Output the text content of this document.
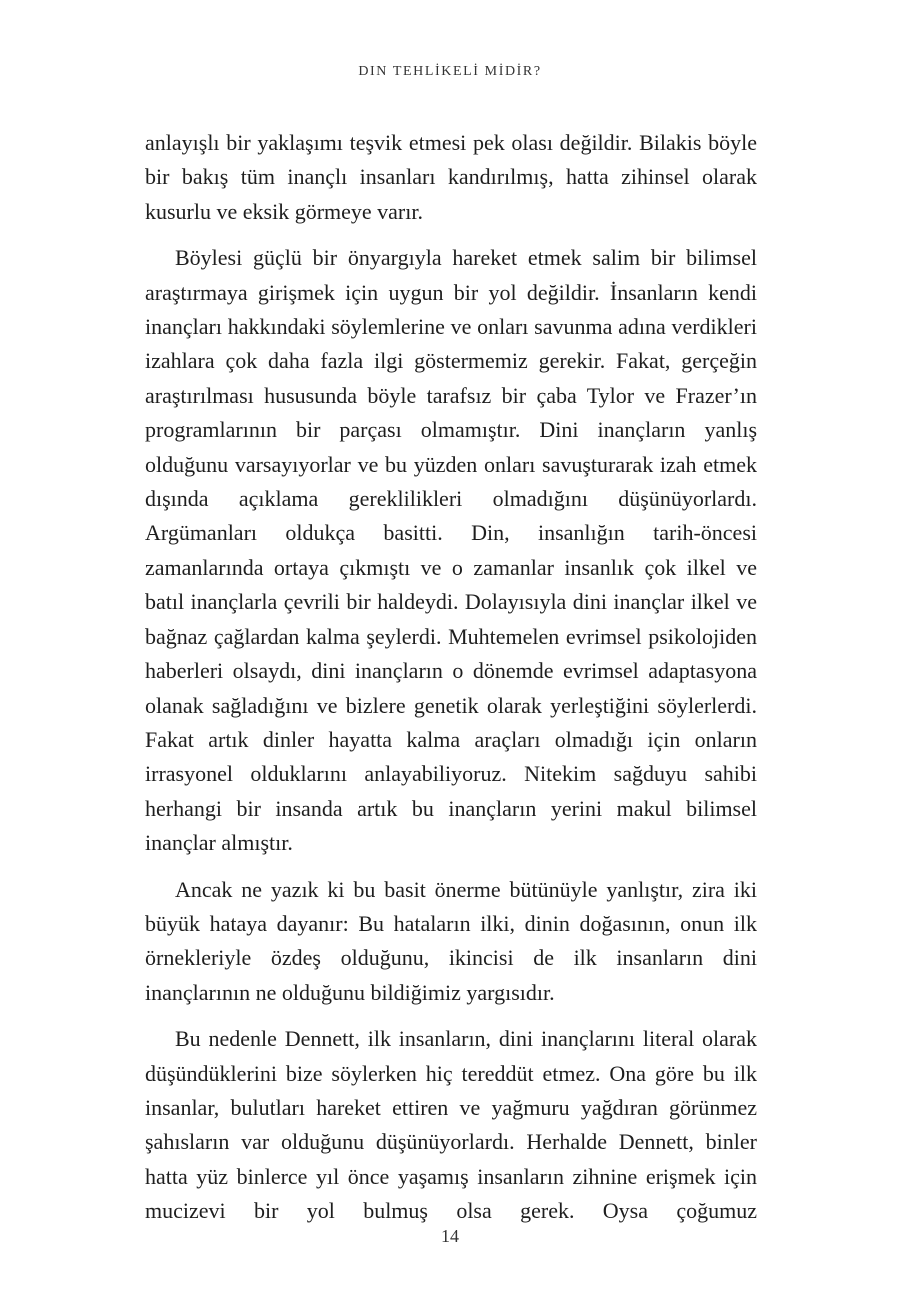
DIN TEHLİKELİ MİDİR?

anlayışlı bir yaklaşımı teşvik etmesi pek olası değildir. Bilakis böyle bir bakış tüm inançlı insanları kandırılmış, hatta zihinsel olarak kusurlu ve eksik görmeye varır.

Böylesi güçlü bir önyargıyla hareket etmek salim bir bilimsel araştırmaya girişmek için uygun bir yol değildir. İnsanların kendi inançları hakkındaki söylemlerine ve onları savunma adına verdikleri izahlara çok daha fazla ilgi göstermemiz gerekir. Fakat, gerçeğin araştırılması hususunda böyle tarafsız bir çaba Tylor ve Frazer’ın programlarının bir parçası olmamıştır. Dini inançların yanlış olduğunu varsayıyorlar ve bu yüzden onları savuşturarak izah etmek dışında açıklama gereklilikleri olmadığını düşünüyorlardı. Argümanları oldukça basitti. Din, insanlığın tarih-öncesi zamanlarında ortaya çıkmıştı ve o zamanlar insanlık çok ilkel ve batıl inançlarla çevrili bir haldeydi. Dolayısıyla dini inançlar ilkel ve bağnaz çağlardan kalma şeylerdi. Muhtemelen evrimsel psikolojiden haberleri olsaydı, dini inançların o dönemde evrimsel adaptasyona olanak sağladığını ve bizlere genetik olarak yerleştiğini söylerlerdi. Fakat artık dinler hayatta kalma araçları olmadığı için onların irrasyonel olduklarını anlayabiliyoruz. Nitekim sağduyu sahibi herhangi bir insanda artık bu inançların yerini makul bilimsel inançlar almıştır.

Ancak ne yazık ki bu basit önerme bütünüyle yanlıştır, zira iki büyük hataya dayanır: Bu hataların ilki, dinin doğasının, onun ilk örnekleriyle özdeş olduğunu, ikincisi de ilk insanların dini inançlarının ne olduğunu bildiğimiz yargısıdır.

Bu nedenle Dennett, ilk insanların, dini inançlarını literal olarak düşündüklerini bize söylerken hiç tereddüt etmez. Ona göre bu ilk insanlar, bulutları hareket ettiren ve yağmuru yağdıran görünmez şahısların var olduğunu düşünüyorlardı. Herhalde Dennett, binler hatta yüz binlerce yıl önce yaşamış insanların zihnine erişmek için mucizevi bir yol bulmuş olsa gerek. Oysa çoğumuz

14
